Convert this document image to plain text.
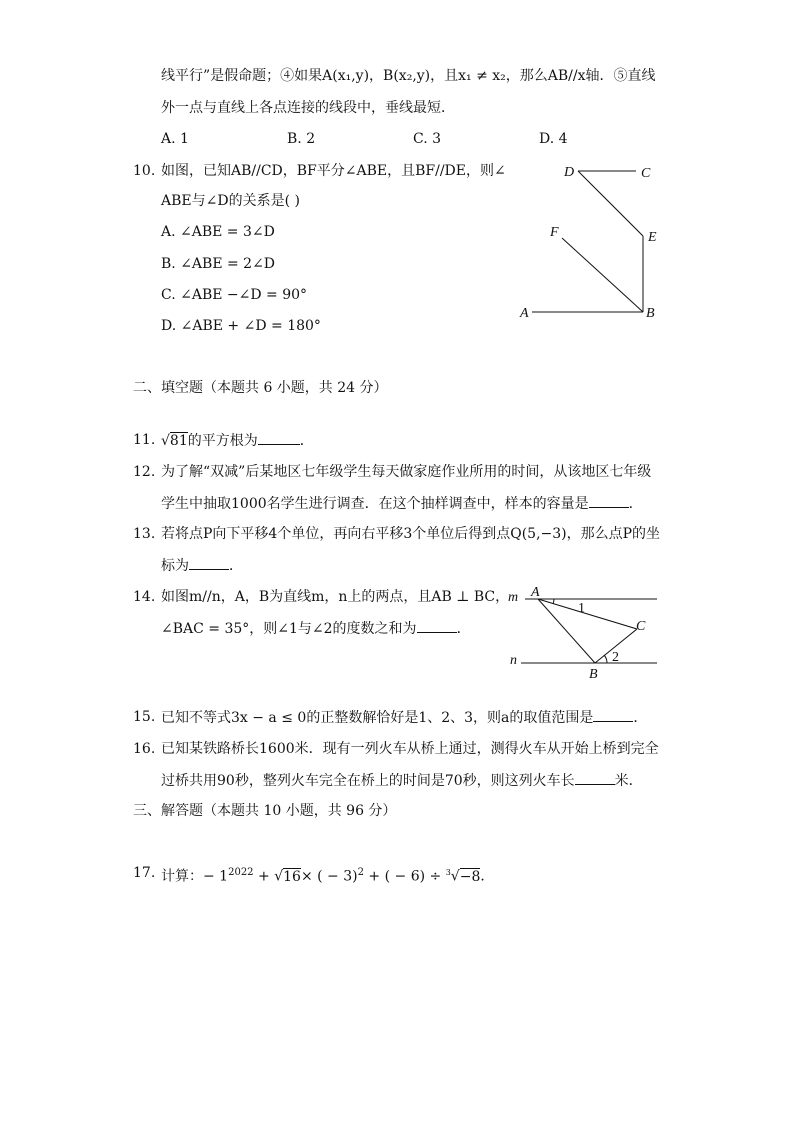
线平行”是假命题；④如果A(x₁,y)，B(x₂,y)，且x₁ ≠ x₂，那么AB//x轴．⑤直线
外一点与直线上各点连接的线段中，垂线最短．
A. 1	B. 2	C. 3	D. 4
10. 如图，已知AB//CD，BF平分∠ABE，且BF//DE，则∠
ABE与∠D的关系是( )
A. ∠ABE = 3∠D
B. ∠ABE = 2∠D
C. ∠ABE −∠D = 90°
D. ∠ABE + ∠D = 180°
D	C
F	E
A	B
二、填空题（本题共 6 小题，共 24 分）
11. √81的平方根为	．
12. 为了解“双减”后某地区七年级学生每天做家庭作业所用的时间，从该地区七年级
学生中抽取1000名学生进行调查．在这个抽样调查中，样本的容量是	．
13. 若将点P向下平移4个单位，再向右平移3个单位后得到点Q(5,−3)，那么点P的坐
标为	．
14. 如图m//n，A，B为直线m，n上的两点，且AB ⊥ BC，
∠BAC = 35°，则∠1与∠2的度数之和为	．
m
n
A
B
C
1
2
15. 已知不等式3x − a ≤ 0的正整数解恰好是1、2、3，则a的取值范围是	．
16. 已知某铁路桥长1600米．现有一列火车从桥上通过，测得火车从开始上桥到完全
过桥共用90秒，整列火车完全在桥上的时间是70秒，则这列火车长	米．
三、解答题（本题共 10 小题，共 96 分）
17. 计算：− $1^{2022} + √16\times$ ( − 3)$^2$ + ( − 6) ÷ $^3$√−8．
